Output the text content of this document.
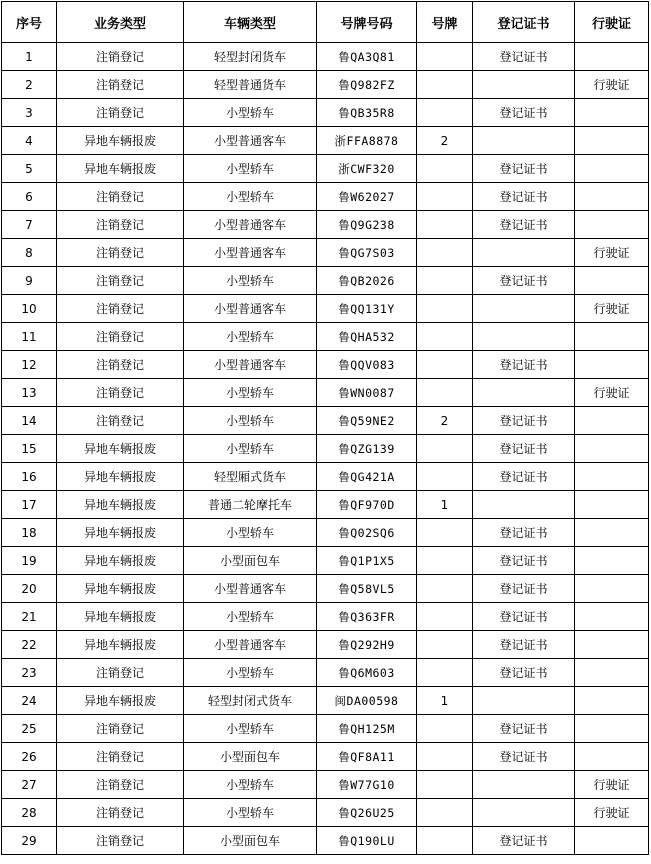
序号	业务类型	车辆类型	号牌号码	号牌	登记证书	行驶证
1	注销登记	轻型封闭货车	鲁QA3Q81		登记证书	
2	注销登记	轻型普通货车	鲁Q982FZ			行驶证
3	注销登记	小型轿车	鲁QB35R8		登记证书	
4	异地车辆报废	小型普通客车	浙FFA8878	2		
5	异地车辆报废	小型轿车	浙CWF320		登记证书	
6	注销登记	小型轿车	鲁W62027		登记证书	
7	注销登记	小型普通客车	鲁Q9G238		登记证书	
8	注销登记	小型普通客车	鲁QG7S03			行驶证
9	注销登记	小型轿车	鲁QB2026		登记证书	
10	注销登记	小型普通客车	鲁QQ131Y			行驶证
11	注销登记	小型轿车	鲁QHA532			
12	注销登记	小型普通客车	鲁QQV083		登记证书	
13	注销登记	小型轿车	鲁WN0087			行驶证
14	注销登记	小型轿车	鲁Q59NE2	2	登记证书	
15	异地车辆报废	小型轿车	鲁QZG139		登记证书	
16	异地车辆报废	轻型厢式货车	鲁QG421A		登记证书	
17	异地车辆报废	普通二轮摩托车	鲁QF970D	1		
18	异地车辆报废	小型轿车	鲁Q02SQ6		登记证书	
19	异地车辆报废	小型面包车	鲁Q1P1X5		登记证书	
20	异地车辆报废	小型普通客车	鲁Q58VL5		登记证书	
21	异地车辆报废	小型轿车	鲁Q363FR		登记证书	
22	异地车辆报废	小型普通客车	鲁Q292H9		登记证书	
23	注销登记	小型轿车	鲁Q6M603		登记证书	
24	异地车辆报废	轻型封闭式货车	闽DA00598	1		
25	注销登记	小型轿车	鲁QH125M		登记证书	
26	注销登记	小型面包车	鲁QF8A11		登记证书	
27	注销登记	小型轿车	鲁W77G10			行驶证
28	注销登记	小型轿车	鲁Q26U25			行驶证
29	注销登记	小型面包车	鲁Q190LU		登记证书	
